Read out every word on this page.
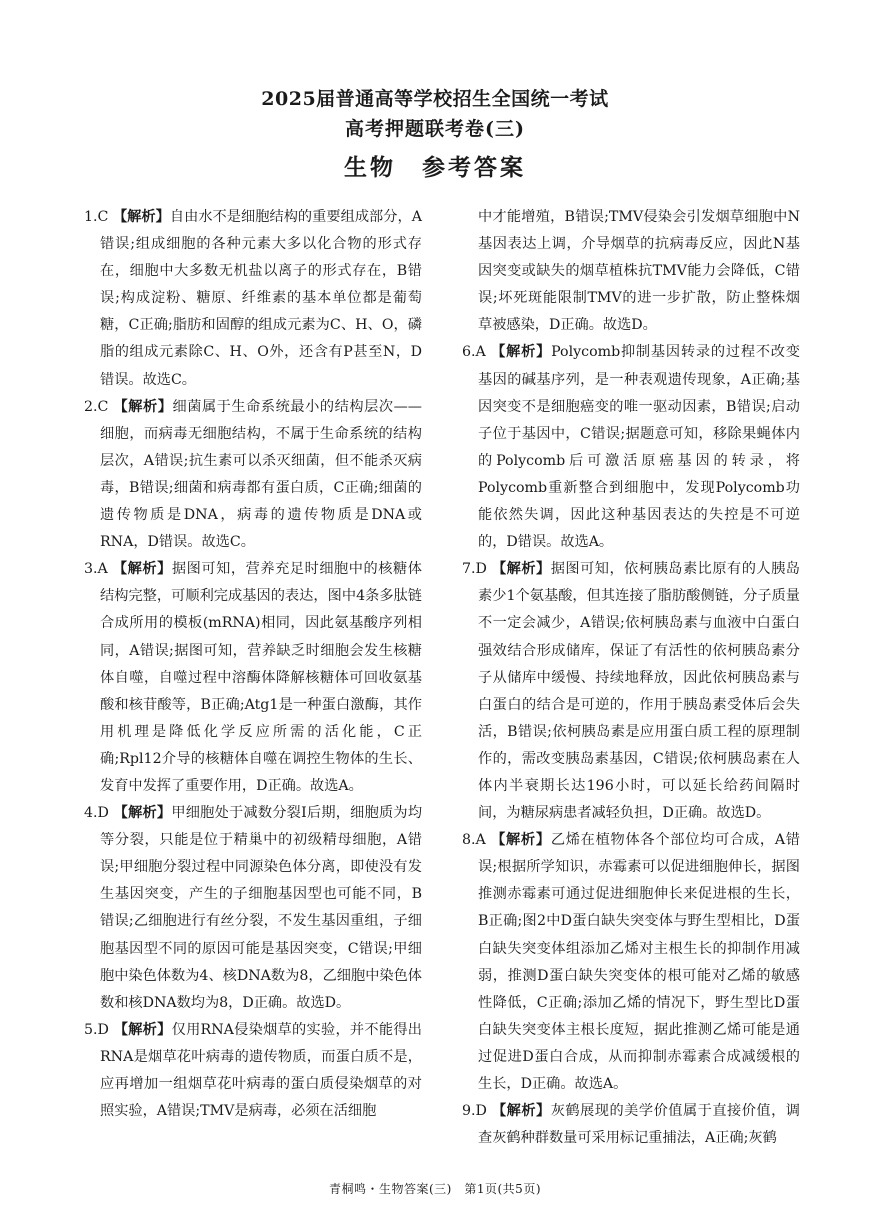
2025届普通高等学校招生全国统一考试
高考押题联考卷(三)
生物　参考答案
1.C 【解析】自由水不是细胞结构的重要组成部分，A错误;组成细胞的各种元素大多以化合物的形式存在，细胞中大多数无机盐以离子的形式存在，B错误;构成淀粉、糖原、纤维素的基本单位都是葡萄糖，C正确;脂肪和固醇的组成元素为C、H、O，磷脂的组成元素除C、H、O外，还含有P甚至N，D错误。故选C。
2.C 【解析】细菌属于生命系统最小的结构层次——细胞，而病毒无细胞结构，不属于生命系统的结构层次，A错误;抗生素可以杀灭细菌，但不能杀灭病毒，B错误;细菌和病毒都有蛋白质，C正确;细菌的遗传物质是DNA，病毒的遗传物质是DNA或RNA，D错误。故选C。
3.A 【解析】据图可知，营养充足时细胞中的核糖体结构完整，可顺利完成基因的表达，图中4条多肽链合成所用的模板(mRNA)相同，因此氨基酸序列相同，A错误;据图可知，营养缺乏时细胞会发生核糖体自噬，自噬过程中溶酶体降解核糖体可回收氨基酸和核苷酸等，B正确;Atg1是一种蛋白激酶，其作用机理是降低化学反应所需的活化能，C正确;Rpl12介导的核糖体自噬在调控生物体的生长、发育中发挥了重要作用，D正确。故选A。
4.D 【解析】甲细胞处于减数分裂Ⅰ后期，细胞质为均等分裂，只能是位于精巢中的初级精母细胞，A错误;甲细胞分裂过程中同源染色体分离，即使没有发生基因突变，产生的子细胞基因型也可能不同，B错误;乙细胞进行有丝分裂，不发生基因重组，子细胞基因型不同的原因可能是基因突变，C错误;甲细胞中染色体数为4、核DNA数为8，乙细胞中染色体数和核DNA数均为8，D正确。故选D。
5.D 【解析】仅用RNA侵染烟草的实验，并不能得出RNA是烟草花叶病毒的遗传物质，而蛋白质不是，应再增加一组烟草花叶病毒的蛋白质侵染烟草的对照实验，A错误;TMV是病毒，必须在活细胞
中才能增殖，B错误;TMV侵染会引发烟草细胞中N基因表达上调，介导烟草的抗病毒反应，因此N基因突变或缺失的烟草植株抗TMV能力会降低，C错误;坏死斑能限制TMV的进一步扩散，防止整株烟草被感染，D正确。故选D。
6.A 【解析】Polycomb抑制基因转录的过程不改变基因的碱基序列，是一种表观遗传现象，A正确;基因突变不是细胞癌变的唯一驱动因素，B错误;启动子位于基因中，C错误;据题意可知，移除果蝇体内的Polycomb后可激活原癌基因的转录，将Polycomb重新整合到细胞中，发现Polycomb功能依然失调，因此这种基因表达的失控是不可逆的，D错误。故选A。
7.D 【解析】据图可知，依柯胰岛素比原有的人胰岛素少1个氨基酸，但其连接了脂肪酸侧链，分子质量不一定会减少，A错误;依柯胰岛素与血液中白蛋白强效结合形成储库，保证了有活性的依柯胰岛素分子从储库中缓慢、持续地释放，因此依柯胰岛素与白蛋白的结合是可逆的，作用于胰岛素受体后会失活，B错误;依柯胰岛素是应用蛋白质工程的原理制作的，需改变胰岛素基因，C错误;依柯胰岛素在人体内半衰期长达196小时，可以延长给药间隔时间，为糖尿病患者减轻负担，D正确。故选D。
8.A 【解析】乙烯在植物体各个部位均可合成，A错误;根据所学知识，赤霉素可以促进细胞伸长，据图推测赤霉素可通过促进细胞伸长来促进根的生长，B正确;图2中D蛋白缺失突变体与野生型相比，D蛋白缺失突变体组添加乙烯对主根生长的抑制作用减弱，推测D蛋白缺失突变体的根可能对乙烯的敏感性降低，C正确;添加乙烯的情况下，野生型比D蛋白缺失突变体主根长度短，据此推测乙烯可能是通过促进D蛋白合成，从而抑制赤霉素合成减缓根的生长，D正确。故选A。
9.D 【解析】灰鹤展现的美学价值属于直接价值，调查灰鹤种群数量可采用标记重捕法，A正确;灰鹤
青桐鸣・生物答案(三)　第1页(共5页)
